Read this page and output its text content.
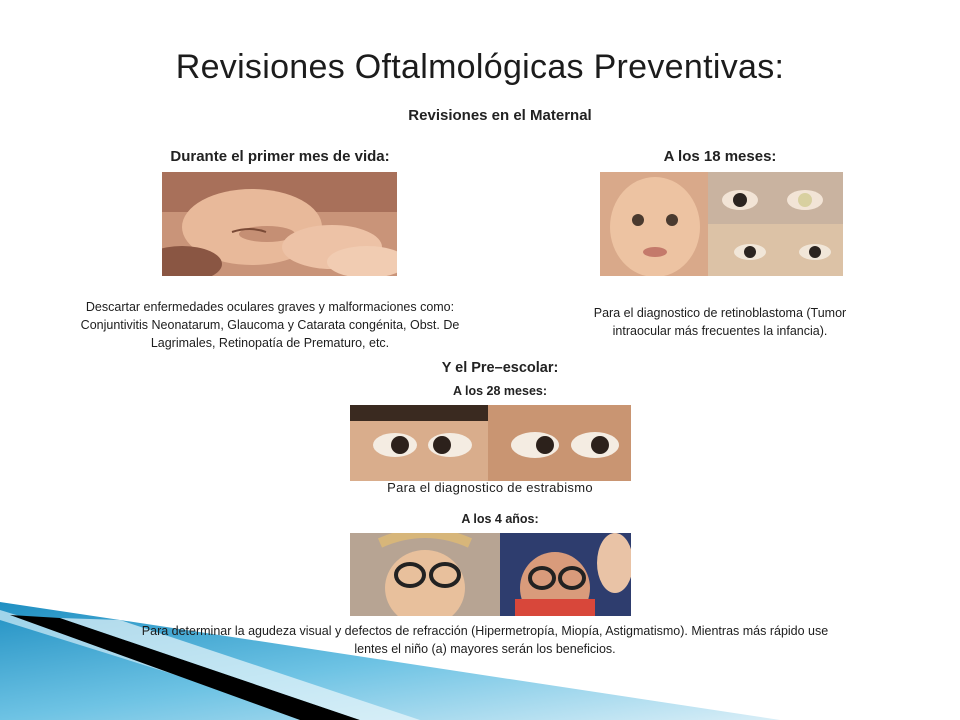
Revisiones Oftalmológicas Preventivas:
Revisiones en el Maternal
Durante el primer mes de vida:
Descartar enfermedades oculares graves y malformaciones como:
Conjuntivitis Neonatarum, Glaucoma y Catarata congénita, Obst. De
Lagrimales, Retinopatía de Prematuro, etc.
A los 18 meses:
Para el diagnostico de retinoblastoma (Tumor
intraocular más frecuentes la infancia).
Y el Pre–escolar:
A los 28 meses:
Para el diagnostico de estrabismo
A los 4 años:
Para determinar la agudeza visual y defectos de refracción (Hipermetropía, Miopía, Astigmatismo). Mientras más rápido use
lentes el niño (a) mayores serán los beneficios.
